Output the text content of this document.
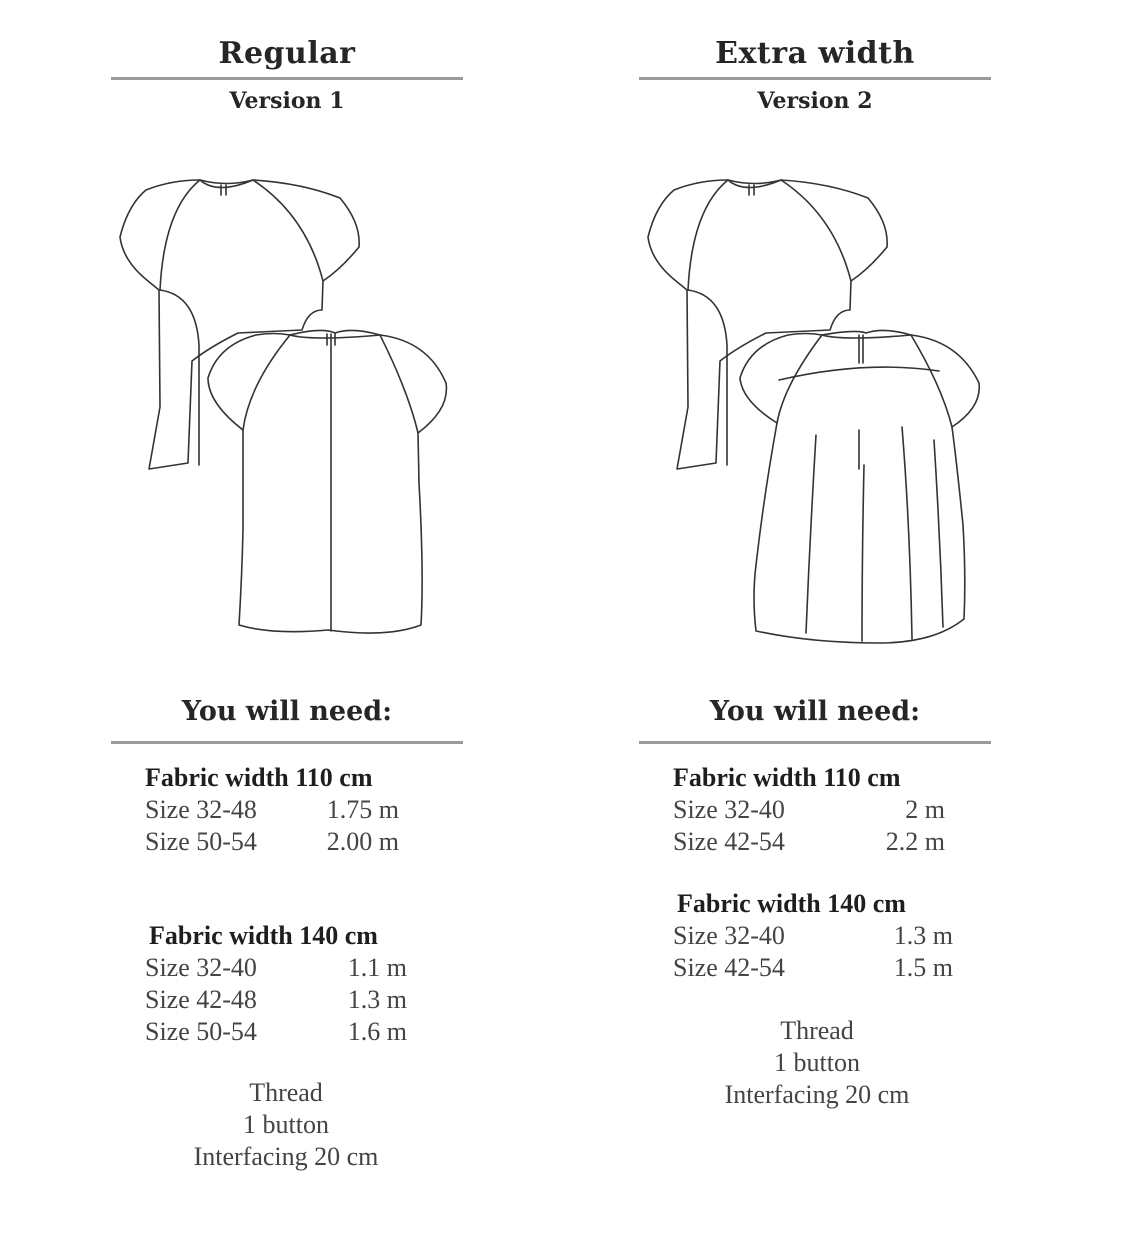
Regular
Version 1
You will need:
Fabric width 110 cm
Size 32-48	1.75 m
Size 50-54	2.00 m
Fabric width 140 cm
Size 32-40	1.1 m
Size 42-48	1.3 m
Size 50-54	1.6 m
Thread
1 button
Interfacing 20 cm
Extra width
Version 2
You will need:
Fabric width 110 cm
Size 32-40	2 m
Size 42-54	2.2 m
Fabric width 140 cm
Size 32-40	1.3 m
Size 42-54	1.5 m
Thread
1 button
Interfacing 20 cm
